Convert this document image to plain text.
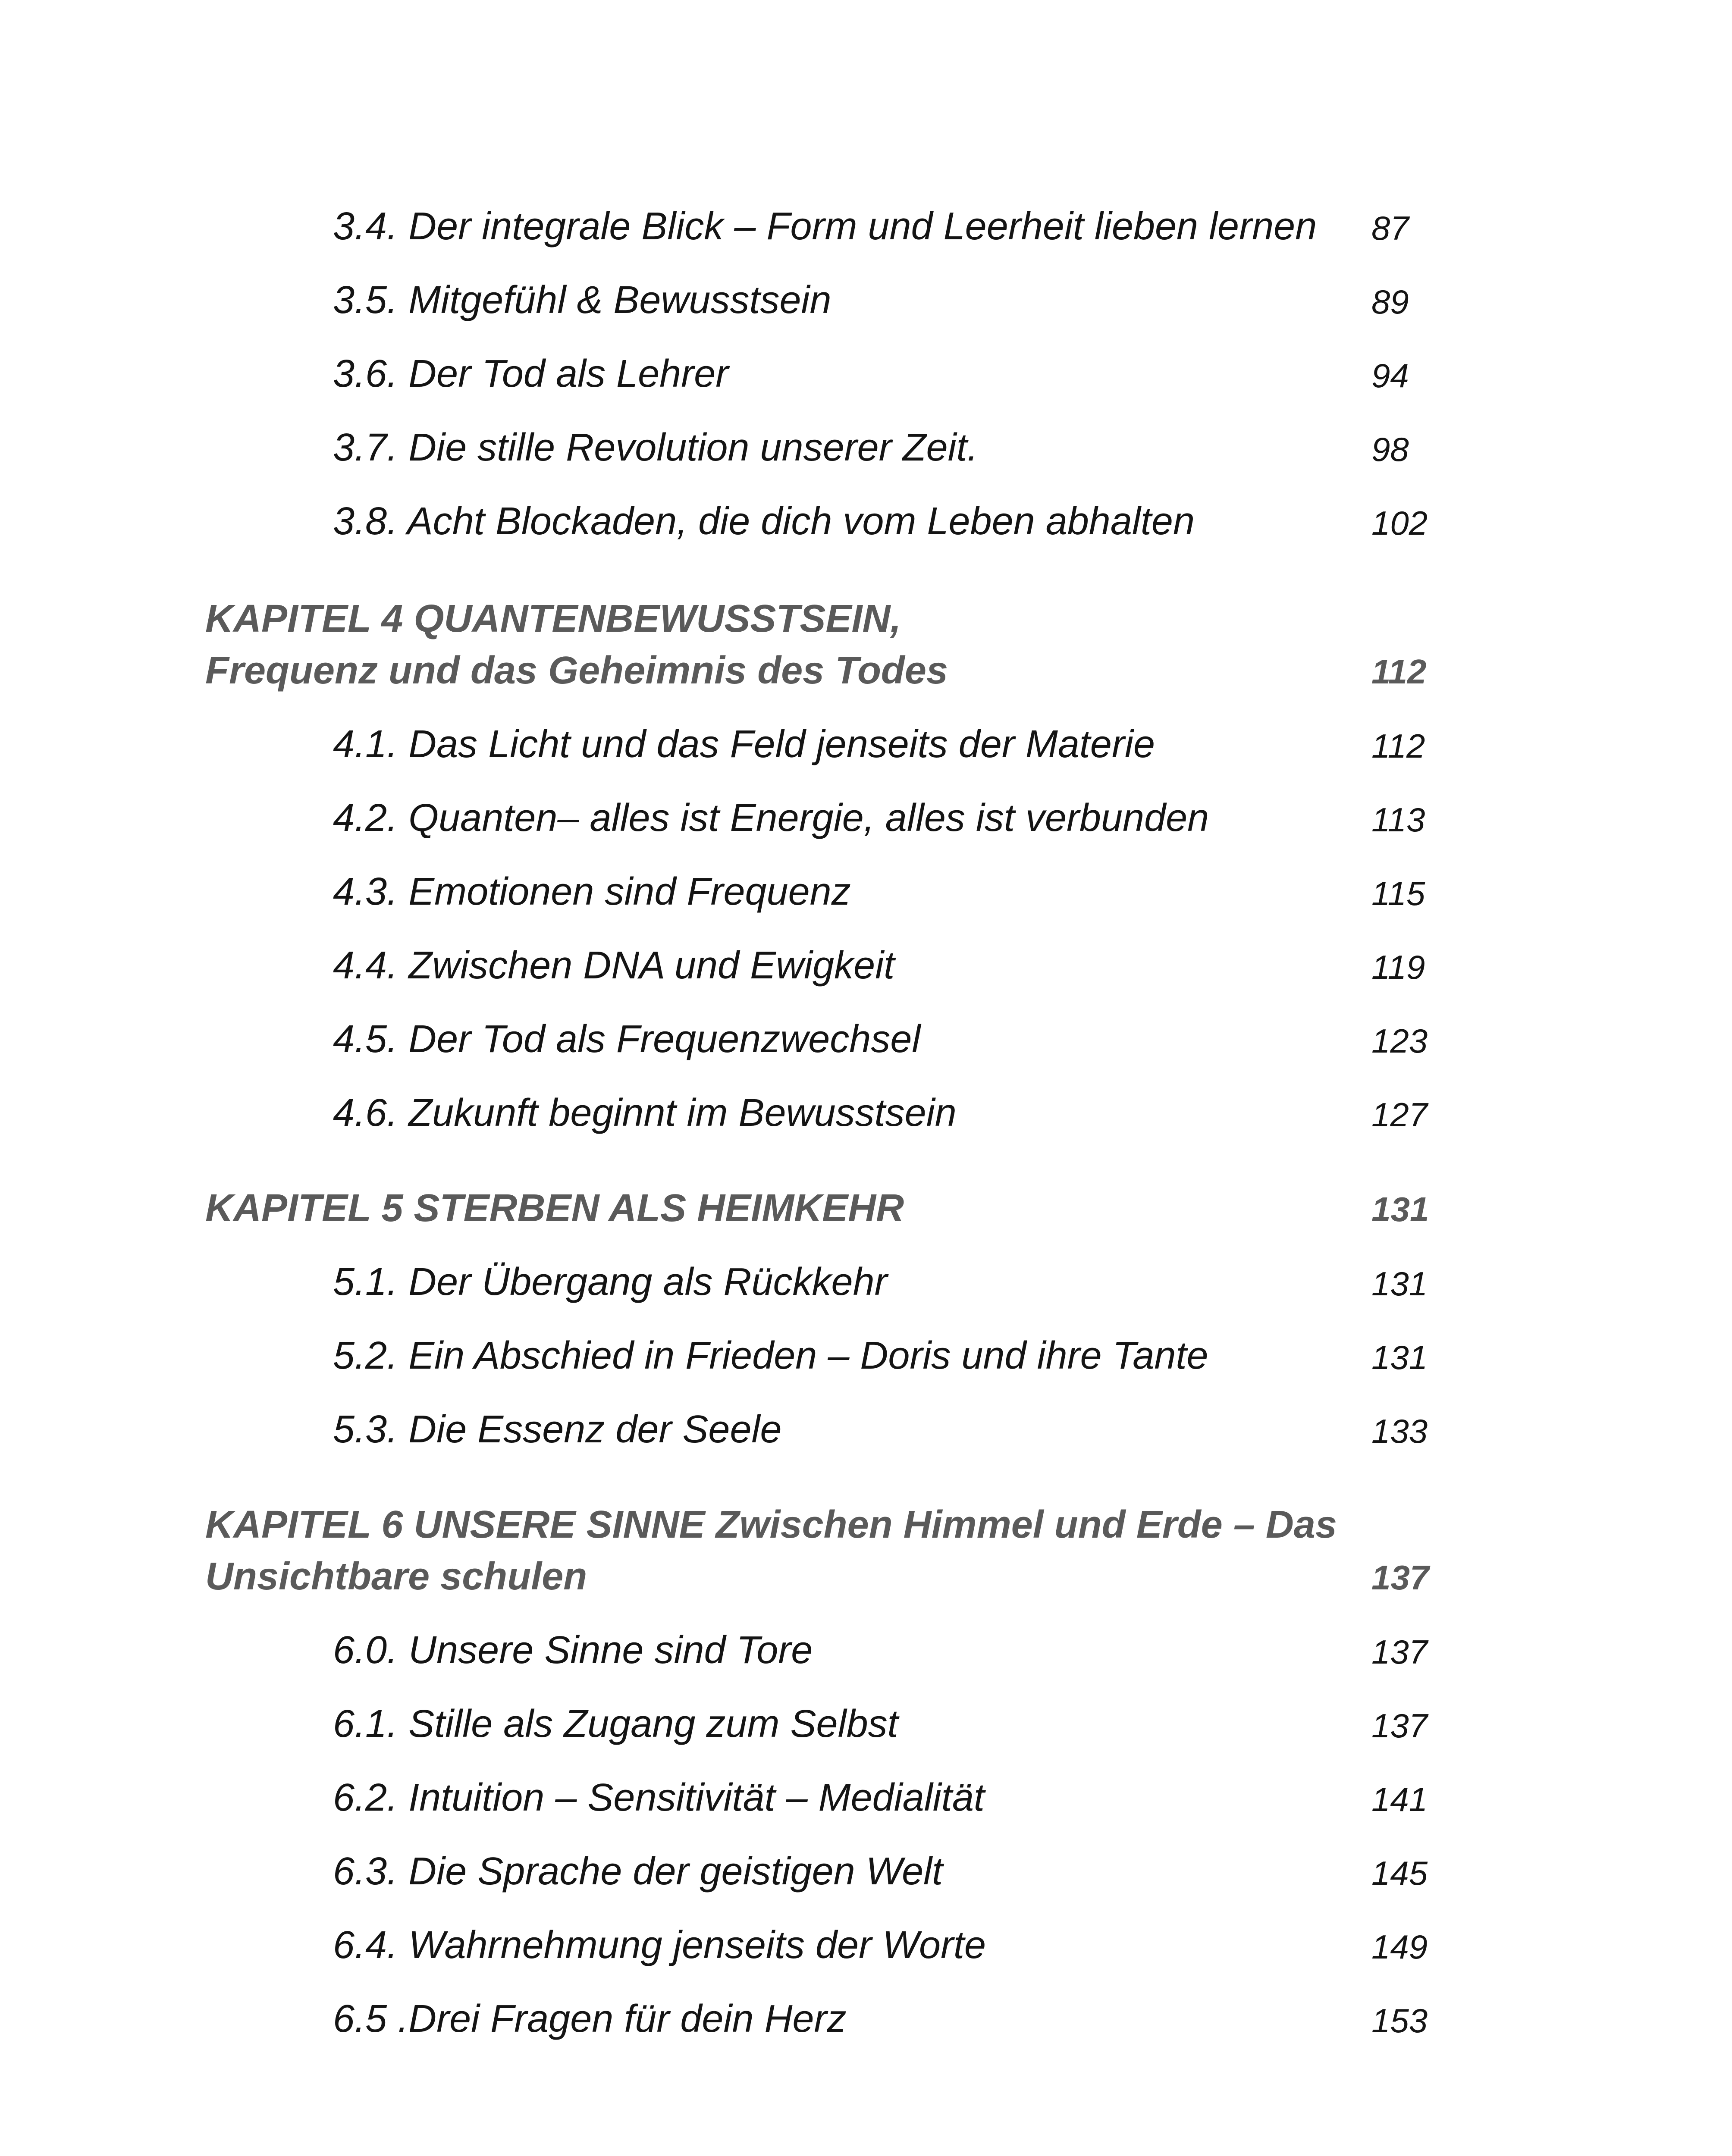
3.4. Der integrale Blick – Form und Leerheit lieben lernen 87
3.5. Mitgefühl & Bewusstsein	89
3.6. Der Tod als Lehrer	94
3.7. Die stille Revolution unserer Zeit.	98
3.8. Acht Blockaden, die dich vom Leben abhalten	102
KAPITEL 4 QUANTENBEWUSSTSEIN,
Frequenz und das Geheimnis des Todes	112
4.1. Das Licht und das Feld jenseits der Materie	112
4.2. Quanten– alles ist Energie, alles ist verbunden	113
4.3. Emotionen sind Frequenz	115
4.4. Zwischen DNA und Ewigkeit	119
4.5. Der Tod als Frequenzwechsel	123
4.6. Zukunft beginnt im Bewusstsein	127
KAPITEL 5 STERBEN ALS HEIMKEHR	131
5.1. Der Übergang als Rückkehr	131
5.2. Ein Abschied in Frieden – Doris und ihre Tante	131
5.3. Die Essenz der Seele	133
KAPITEL 6 UNSERE SINNE Zwischen Himmel und Erde – Das
Unsichtbare schulen	137
6.0. Unsere Sinne sind Tore	137
6.1. Stille als Zugang zum Selbst	137
6.2. Intuition – Sensitivität – Medialität	141
6.3. Die Sprache der geistigen Welt	145
6.4. Wahrnehmung jenseits der Worte	149
6.5 .Drei Fragen für dein Herz	153
